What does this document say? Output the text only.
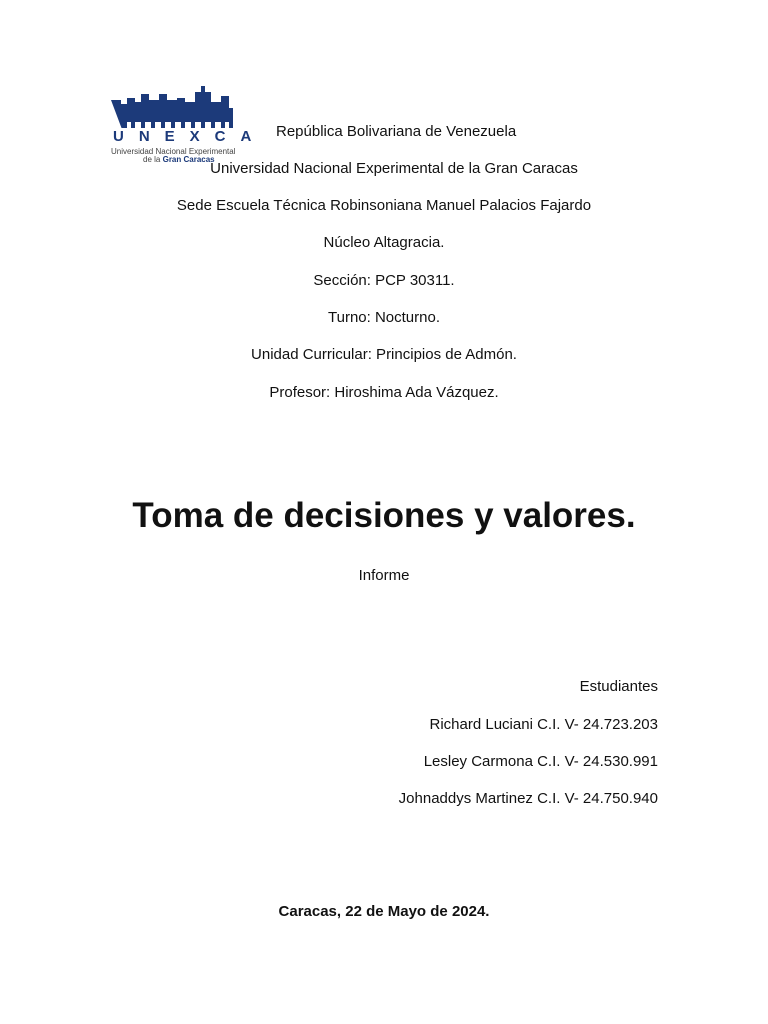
UNEXCA
Universidad Nacional Experimental
de la Gran Caracas
República Bolivariana de Venezuela
Universidad Nacional Experimental de la Gran Caracas
Sede Escuela Técnica Robinsoniana Manuel Palacios Fajardo
Núcleo Altagracia.
Sección: PCP 30311.
Turno: Nocturno.
Unidad Curricular: Principios de Admón.
Profesor: Hiroshima Ada Vázquez.
Toma de decisiones y valores.
Informe
Estudiantes
Richard Luciani C.I. V- 24.723.203
Lesley Carmona C.I. V- 24.530.991
Johnaddys Martinez C.I. V- 24.750.940
Caracas, 22 de Mayo de 2024.
